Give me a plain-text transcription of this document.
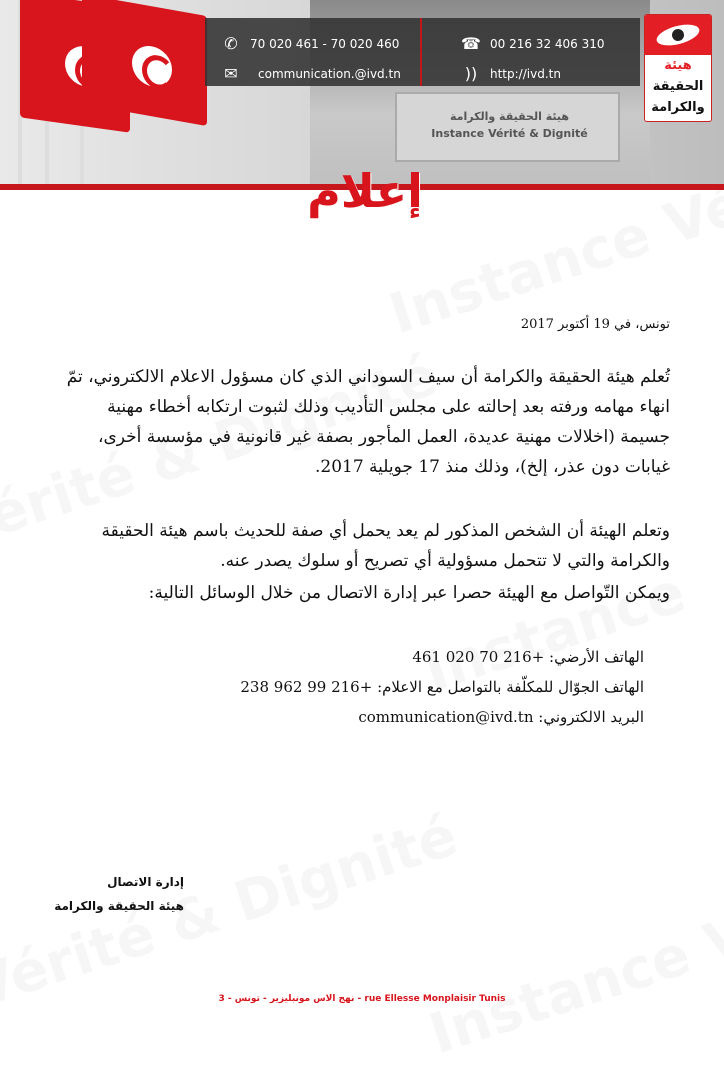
هيئة الحقيقة والكرامة Instance Vérité & Dignité
✆	70 020 461 - 70 020 460	☎ 00 216 32 406 310
✉	communication.@ivd.tn	))	http://ivd.tn
هيئة
الحقيقة
والكرامة
إعلام
تونس، في 19 أكتوبر 2017
تُعلم هيئة الحقيقة والكرامة أن سيف السوداني الذي كان مسؤول الاعلام الالكتروني، تمّ انهاء مهامه ورفته بعد إحالته على مجلس التأديب وذلك لثبوت ارتكابه أخطاء مهنية جسيمة (اخلالات مهنية عديدة، العمل المأجور بصفة غير قانونية في مؤسسة أخرى، غيابات دون عذر، إلخ)، وذلك منذ 17 جويلية 2017.
وتعلم الهيئة أن الشخص المذكور لم يعد يحمل أي صفة للحديث باسم هيئة الحقيقة والكرامة والتي لا تتحمل مسؤولية أي تصريح أو سلوك يصدر عنه.
ويمكن التّواصل مع الهيئة حصرا عبر إدارة الاتصال من خلال الوسائل التالية:
الهاتف الأرضي: +216 70 020 461
الهاتف الجوّال للمكلّفة بالتواصل مع الاعلام: +216 99 962 238
البريد الالكتروني: communication@ivd.tn
إدارة الاتصال
هيئة الحقيقة والكرامة
3 - نهج الاس مونبليزير - تونس - rue Ellesse Monplaisir Tunis
